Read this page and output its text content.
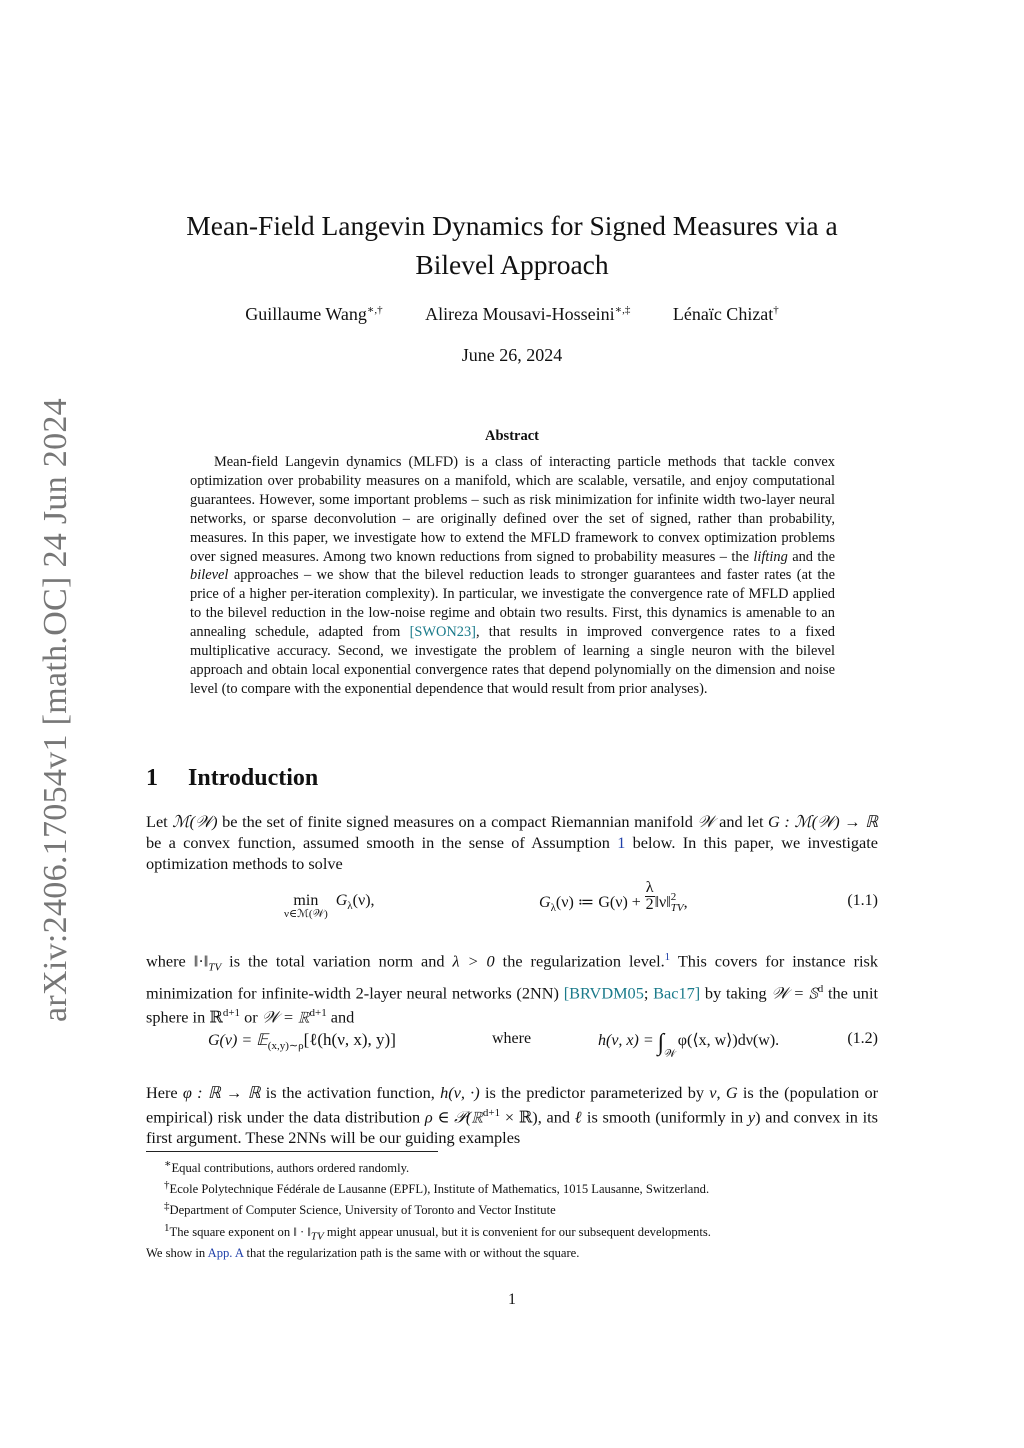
arXiv:2406.17054v1 [math.OC] 24 Jun 2024
Mean-Field Langevin Dynamics for Signed Measures via a
Bilevel Approach
Guillaume Wang∗,† Alireza Mousavi-Hosseini∗,‡ Lénaïc Chizat†
June 26, 2024
Abstract

Mean-field Langevin dynamics (MLFD) is a class of interacting particle methods that tackle convex optimization over probability measures on a manifold, which are scalable, versatile, and enjoy computational guarantees. However, some important problems – such as risk minimization for infinite width two-layer neural networks, or sparse deconvolution – are originally defined over the set of signed, rather than probability, measures. In this paper, we investigate how to extend the MFLD framework to convex optimization problems over signed measures. Among two known reductions from signed to probability measures – the lifting and the bilevel approaches – we show that the bilevel reduction leads to stronger guarantees and faster rates (at the price of a higher per-iteration complexity). In particular, we investigate the convergence rate of MFLD applied to the bilevel reduction in the low-noise regime and obtain two results. First, this dynamics is amenable to an annealing schedule, adapted from [SWON23], that results in improved convergence rates to a fixed multiplicative accuracy. Second, we investigate the problem of learning a single neuron with the bilevel approach and obtain local exponential convergence rates that depend polynomially on the dimension and noise level (to compare with the exponential dependence that would result from prior analyses).

1 Introduction
Let ℳ(𝒲) be the set of finite signed measures on a compact Riemannian manifold 𝒲 and let G : ℳ(𝒲) → ℝ be a convex function, assumed smooth in the sense of Assumption 1 below. In this paper, we investigate optimization methods to solve
min
ν∈ℳ(𝒲)
$G_\lambda(\nu)$,	$G_\lambda(\nu)$ ≔ $G(\nu) + \frac{\lambda}{2}$ ‖ν‖ 2
TV ,	(1.1)
where $‖\cdot‖_{TV}$ is the total variation norm and λ > 0 the regularization level.$^1$ This covers for instance risk minimization for infinite-width 2-layer neural networks (2NN) [BRVDM05; Bac17] by taking 𝒲 = 𝕊$^d$ the unit sphere in ℝ$^{d+1}$ or 𝒲 = ℝ$^{d+1}$ and
G(ν) = 𝔼$_{(x,y)\sim\rho}$[ℓ(h(ν, x), y)]	where	h(ν, $x) = \int_𝒲\varphi(⟨x$, w⟩)dν(w).	(1.2)
Here φ : ℝ → ℝ is the activation function, h(ν, ·) is the predictor parameterized by ν, G is the (population or empirical) risk under the data distribution ρ ∈ 𝒫(ℝ$^{d+1}$ × ℝ), and ℓ is smooth (uniformly in y) and convex in its first argument. These 2NNs will be our guiding examples

∗Equal contributions, authors ordered randomly.

†Ecole Polytechnique Fédérale de Lausanne (EPFL), Institute of Mathematics, 1015 Lausanne, Switzerland.

‡Department of Computer Science, University of Toronto and Vector Institute

$^1$The square exponent on ‖ · $‖_{TV}$ might appear unusual, but it is convenient for our subsequent developments.

We show in App. A that the regularization path is the same with or without the square.

1
